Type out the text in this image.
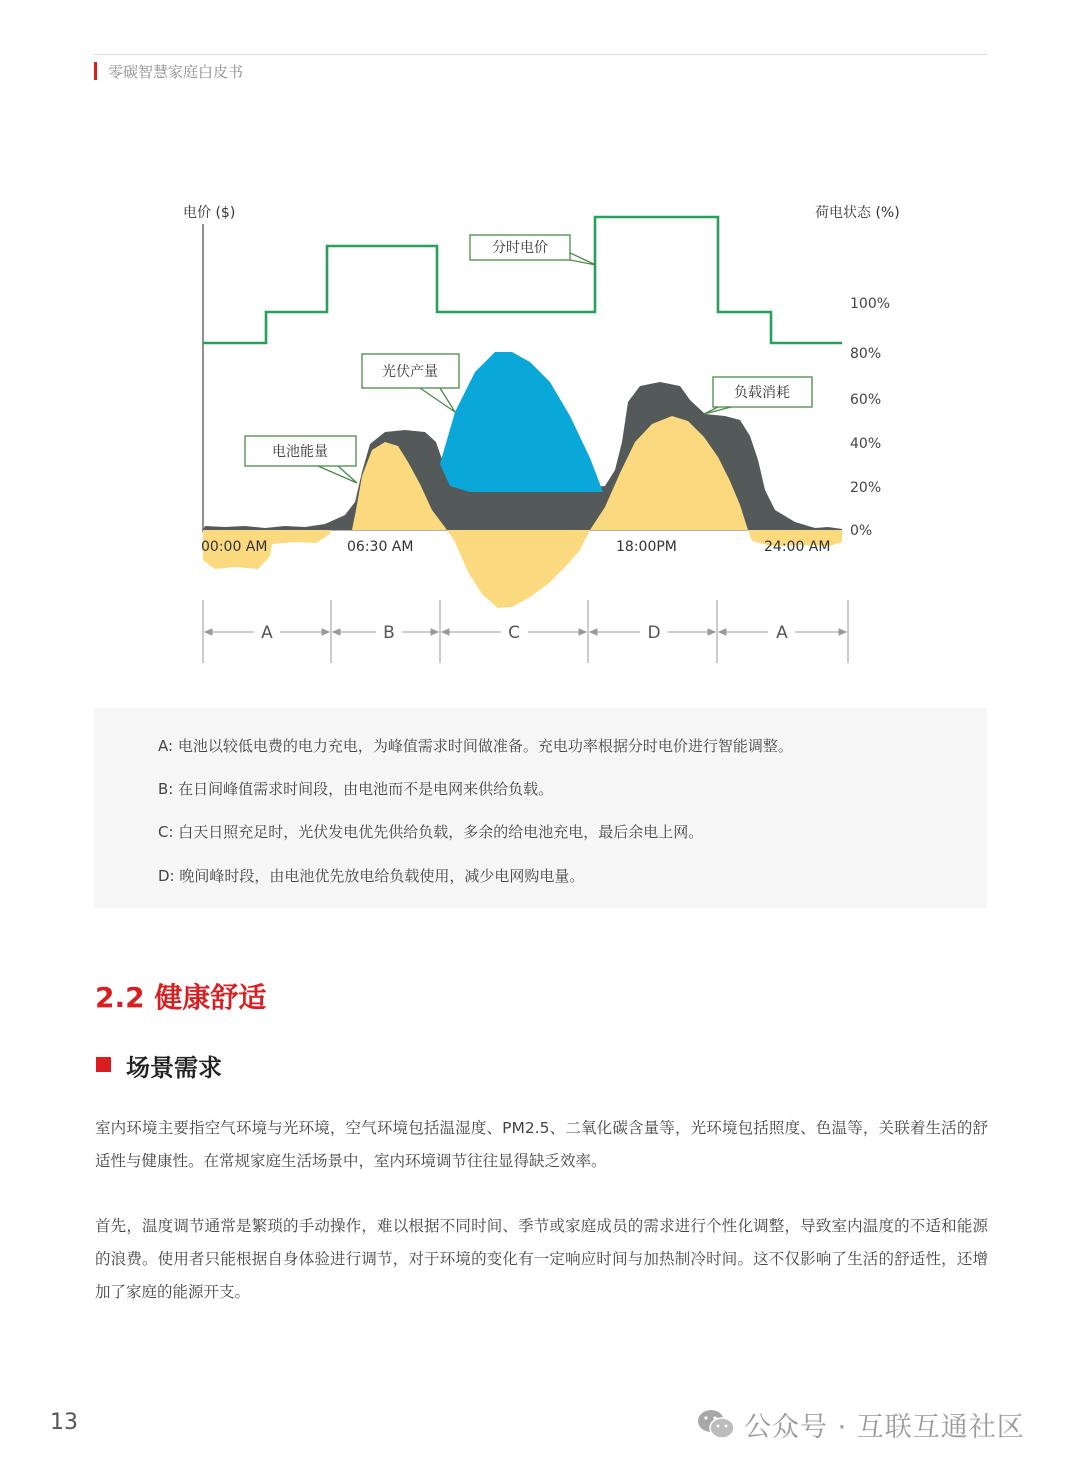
零碳智慧家庭白皮书
分时电价
光伏产量
电池能量
负载消耗
电价 ($)	荷电状态 (%)
100%
80%
60%
40%
20%
0%
00:00 AM	06:30 AM	18:00PM	24:00 AM
A	B	C	D	A
A: 电池以较低电费的电力充电，为峰值需求时间做准备。充电功率根据分时电价进行智能调整。
B: 在日间峰值需求时间段，由电池而不是电网来供给负载。
C: 白天日照充足时，光伏发电优先供给负载，多余的给电池充电，最后余电上网。
D: 晚间峰时段，由电池优先放电给负载使用，减少电网购电量。
2.2 健康舒适
场景需求
室内环境主要指空气环境与光环境，空气环境包括温湿度、PM2.5、二氧化碳含量等，光环境包括照度、色温等，关联着生活的舒适性与健康性。在常规家庭生活场景中，室内环境调节往往显得缺乏效率。
首先，温度调节通常是繁琐的手动操作，难以根据不同时间、季节或家庭成员的需求进行个性化调整，导致室内温度的不适和能源的浪费。使用者只能根据自身体验进行调节，对于环境的变化有一定响应时间与加热制冷时间。这不仅影响了生活的舒适性，还增加了家庭的能源开支。
13	公众号 · 互联互通社区
